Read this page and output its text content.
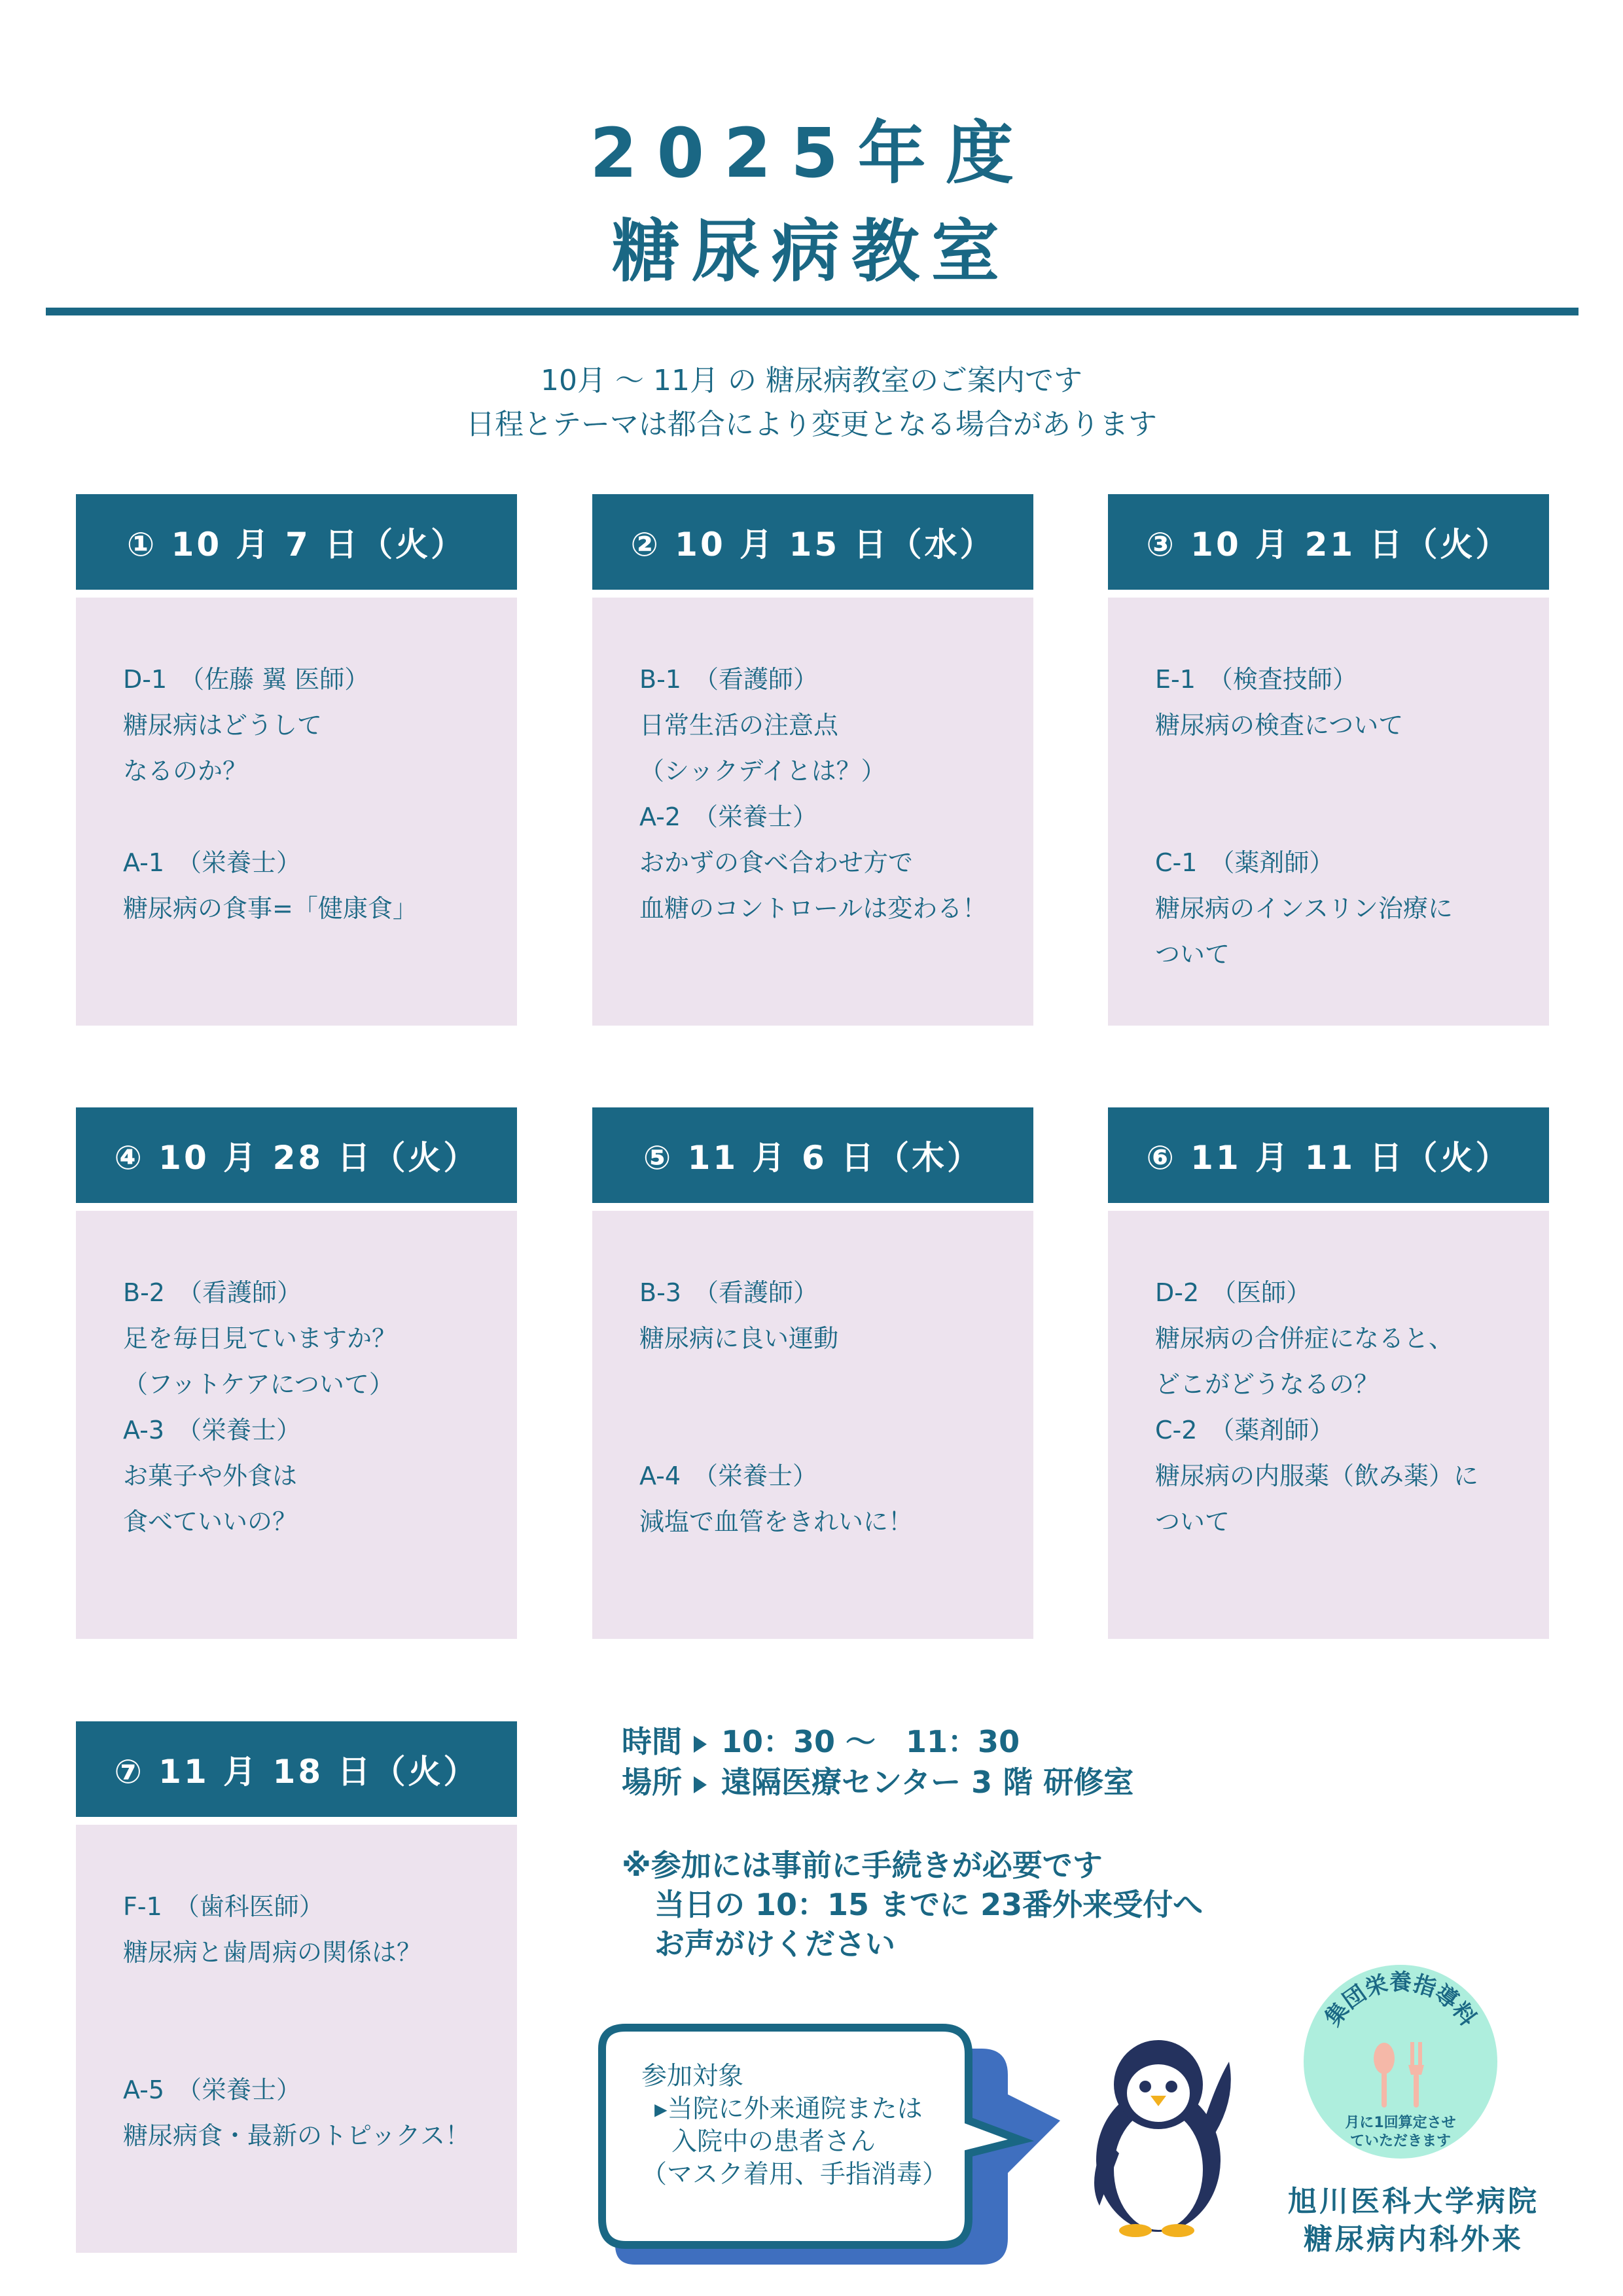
2025年度
糖尿病教室
10月 ～ 11月 の 糖尿病教室のご案内です
日程とテーマは都合により変更となる場合があります
① 10 月 7 日（火）
D-1　（佐藤 翼 医師）
糖尿病はどうして
なるのか？
A-1　（栄養士）
糖尿病の食事=「健康食」
② 10 月 15 日（水）
B-1　（看護師）
日常生活の注意点
（シックデイとは？）
A-2　（栄養士）
おかずの食べ合わせ方で
血糖のコントロールは変わる！
③ 10 月 21 日（火）
E-1　（検査技師）
糖尿病の検査について
C-1　（薬剤師）
糖尿病のインスリン治療に
ついて
④ 10 月 28 日（火）
B-2　（看護師）
足を毎日見ていますか？
（フットケアについて）
A-3　（栄養士）
お菓子や外食は
食べていいの？
⑤ 11 月 6 日（木）
B-3　（看護師）
糖尿病に良い運動
A-4　（栄養士）
減塩で血管をきれいに！
⑥ 11 月 11 日（火）
D-2　（医師）
糖尿病の合併症になると、
どこがどうなるの？
C-2　（薬剤師）
糖尿病の内服薬（飲み薬）に
ついて
⑦ 11 月 18 日（火）
F-1　（歯科医師）
糖尿病と歯周病の関係は？
A-5　（栄養士）
糖尿病食・最新のトピックス！
時間 10：30 ～　11：30
場所 遠隔医療センター 3 階 研修室
※参加には事前に手続きが必要です
当日の 10：15 までに 23番外来受付へ
お声がけください
参加対象
▸当院に外来通院または
入院中の患者さん
（マスク着用、手指消毒）
集団栄養指導料
月に1回算定させ
ていただきます
旭川医科大学病院
糖尿病内科外来
